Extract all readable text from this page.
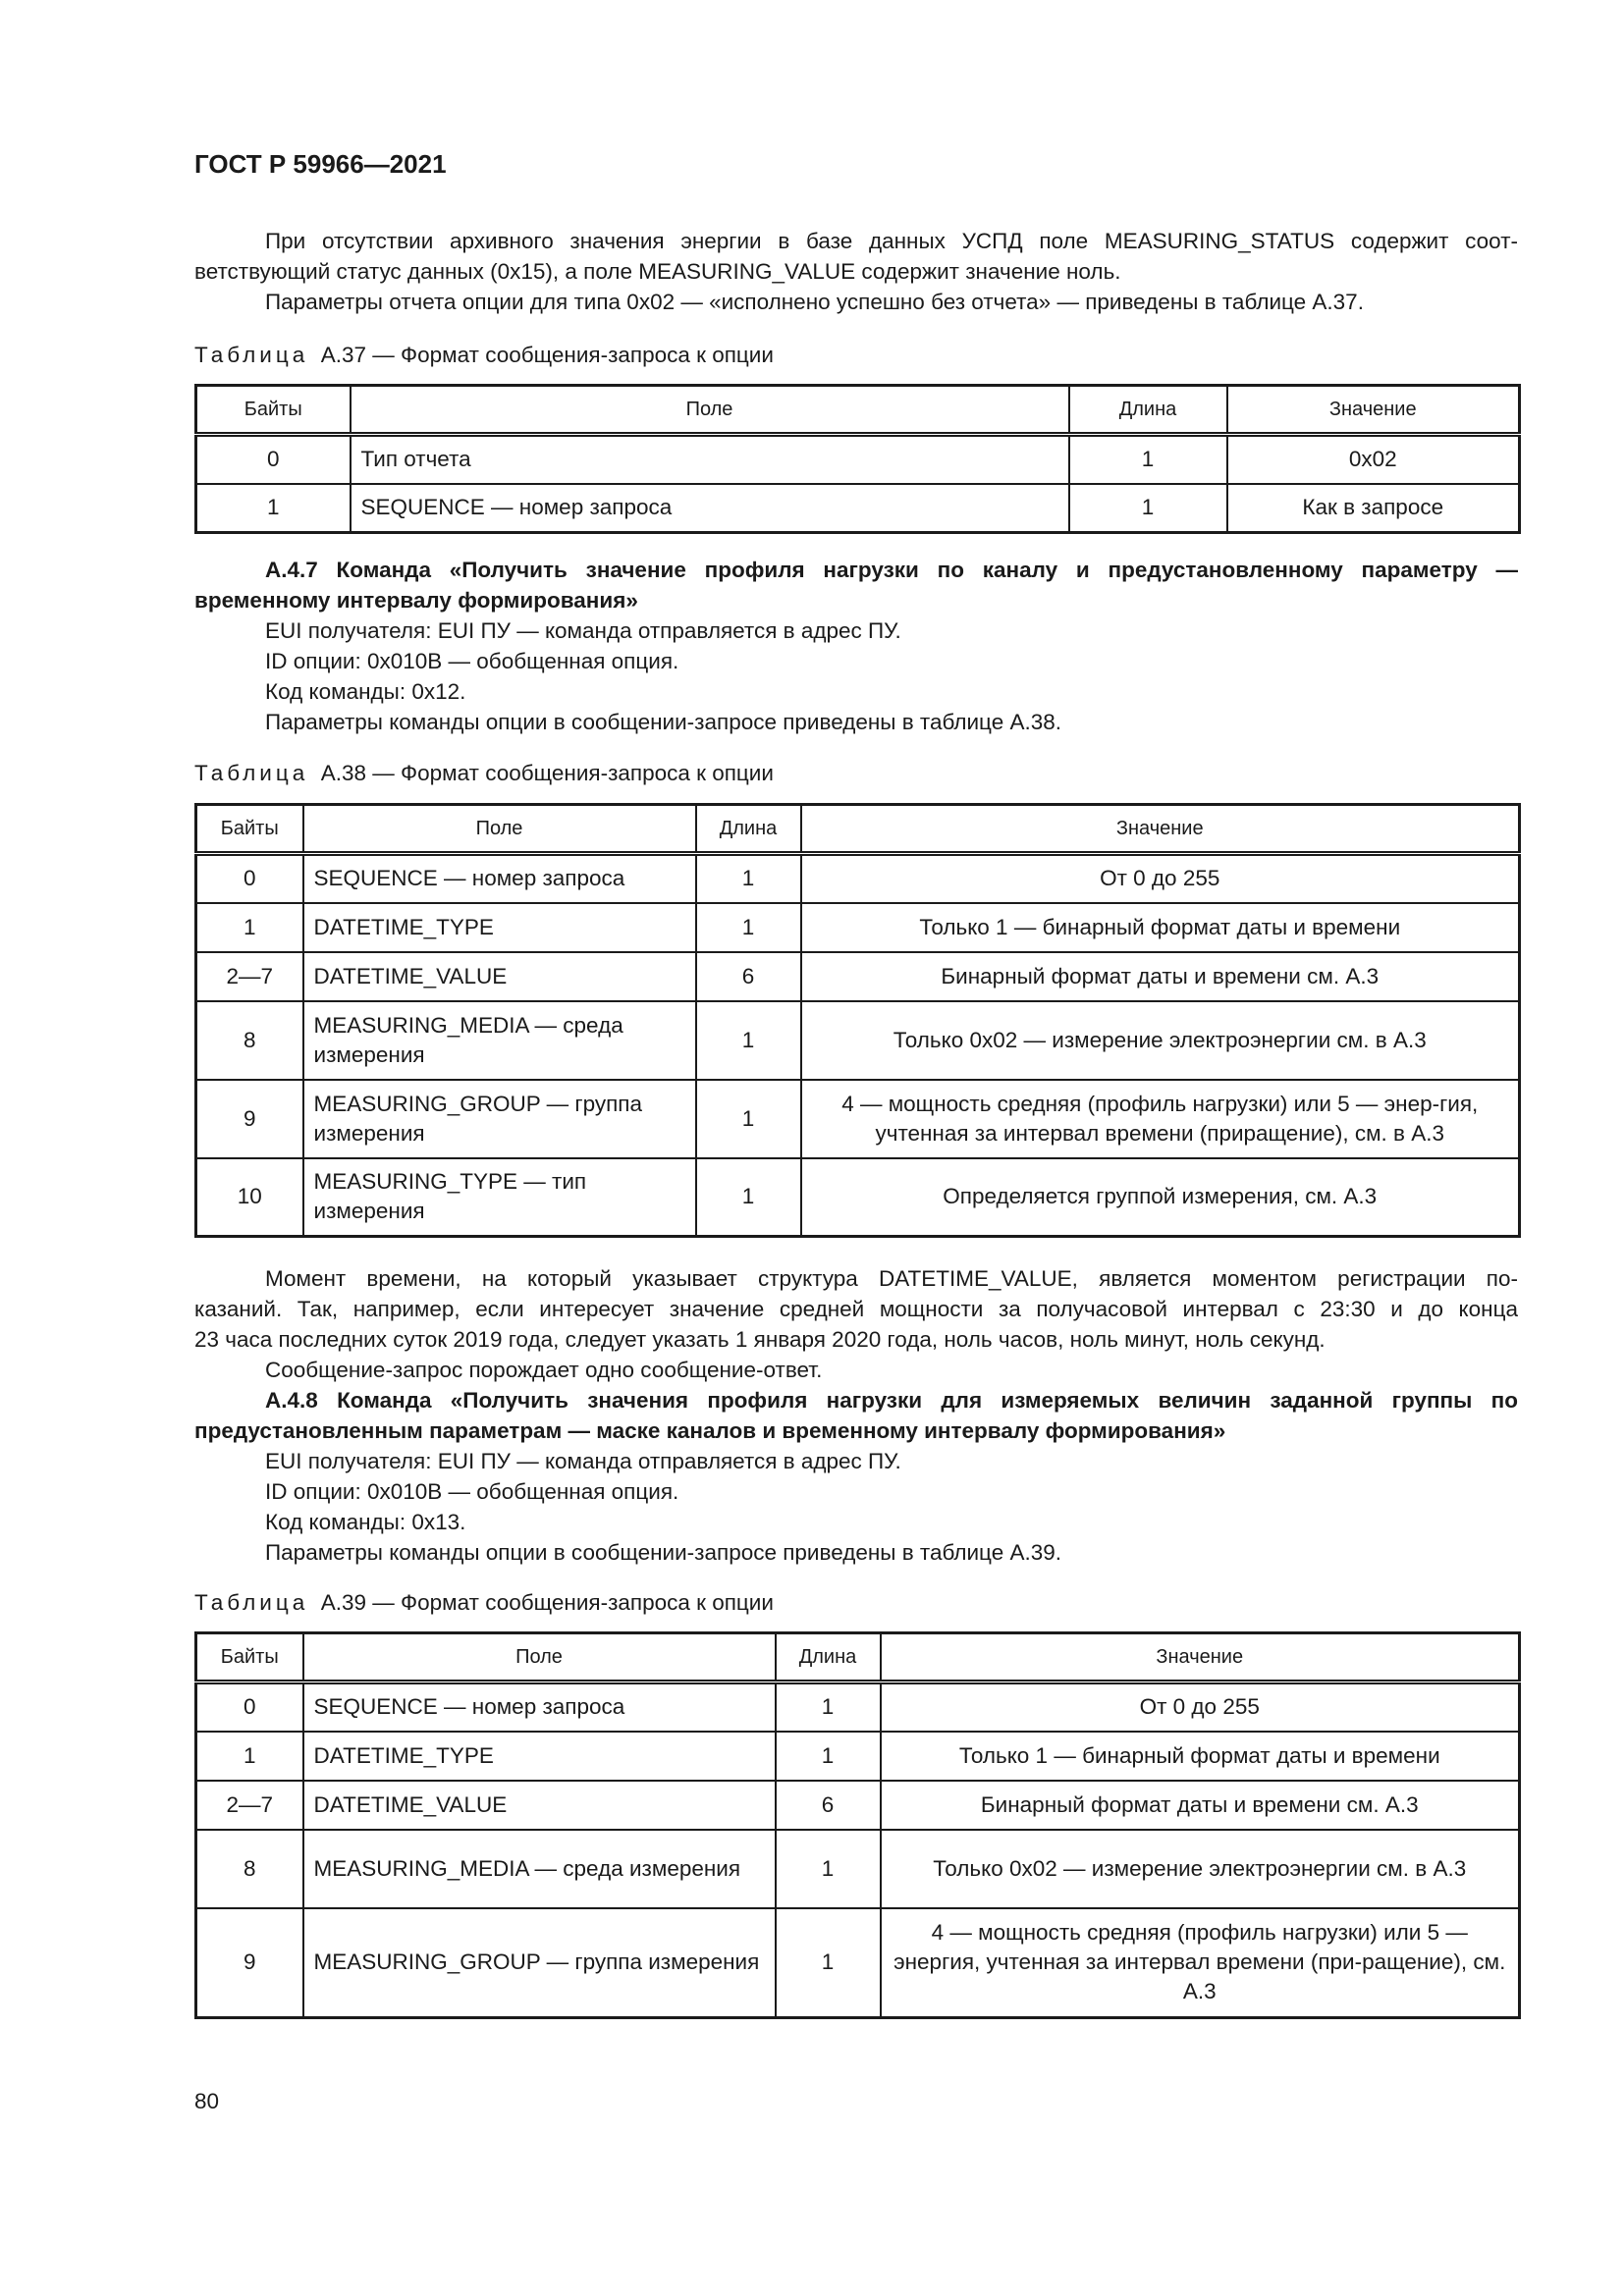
ГОСТ Р 59966—2021
При отсутствии архивного значения энергии в базе данных УСПД поле MEASURING_STATUS содержит соот-
ветствующий статус данных (0x15), а поле MEASURING_VALUE содержит значение ноль.
Параметры отчета опции для типа 0x02 — «исполнено успешно без отчета» — приведены в таблице А.37.
Таблица А.37 — Формат сообщения-запроса к опции
Байты	Поле	Длина	Значение
0	Тип отчета	1	0x02
1	SEQUENCE — номер запроса	1	Как в запросе
А.4.7 Команда «Получить значение профиля нагрузки по каналу и предустановленному параметру —
временному интервалу формирования»
EUI получателя: EUI ПУ — команда отправляется в адрес ПУ.
ID опции: 0x010B — обобщенная опция.
Код команды: 0x12.
Параметры команды опции в сообщении-запросе приведены в таблице А.38.
Таблица А.38 — Формат сообщения-запроса к опции
Байты	Поле	Длина	Значение
0	SEQUENCE — номер запроса	1	От 0 до 255
1	DATETIME_TYPE	1	Только 1 — бинарный формат даты и времени
2—7	DATETIME_VALUE	6	Бинарный формат даты и времени см. А.3
8	MEASURING_MEDIA — среда измерения	1	Только 0x02 — измерение электроэнергии см. в А.3
9	MEASURING_GROUP — группа измерения	1	4 — мощность средняя (профиль нагрузки) или 5 — энер-гия, учтенная за интервал времени (приращение), см. в А.3
10	MEASURING_TYPE — тип измерения	1	Определяется группой измерения, см. А.3
Момент времени, на который указывает структура DATETIME_VALUE, является моментом регистрации по-
казаний. Так, например, если интересует значение средней мощности за получасовой интервал с 23:30 и до конца
23 часа последних суток 2019 года, следует указать 1 января 2020 года, ноль часов, ноль минут, ноль секунд.
Сообщение-запрос порождает одно сообщение-ответ.
А.4.8 Команда «Получить значения профиля нагрузки для измеряемых величин заданной группы по
предустановленным параметрам — маске каналов и временному интервалу формирования»
EUI получателя: EUI ПУ — команда отправляется в адрес ПУ.
ID опции: 0x010B — обобщенная опция.
Код команды: 0x13.
Параметры команды опции в сообщении-запросе приведены в таблице А.39.
Таблица А.39 — Формат сообщения-запроса к опции
Байты	Поле	Длина	Значение
0	SEQUENCE — номер запроса	1	От 0 до 255
1	DATETIME_TYPE	1	Только 1 — бинарный формат даты и времени
2—7	DATETIME_VALUE	6	Бинарный формат даты и времени см. А.3
8	MEASURING_MEDIA — среда измерения	1	Только 0x02 — измерение электроэнергии см. в А.3
9	MEASURING_GROUP — группа измерения	1	4 — мощность средняя (профиль нагрузки) или 5 — энергия, учтенная за интервал времени (при-ращение), см. А.3
80
